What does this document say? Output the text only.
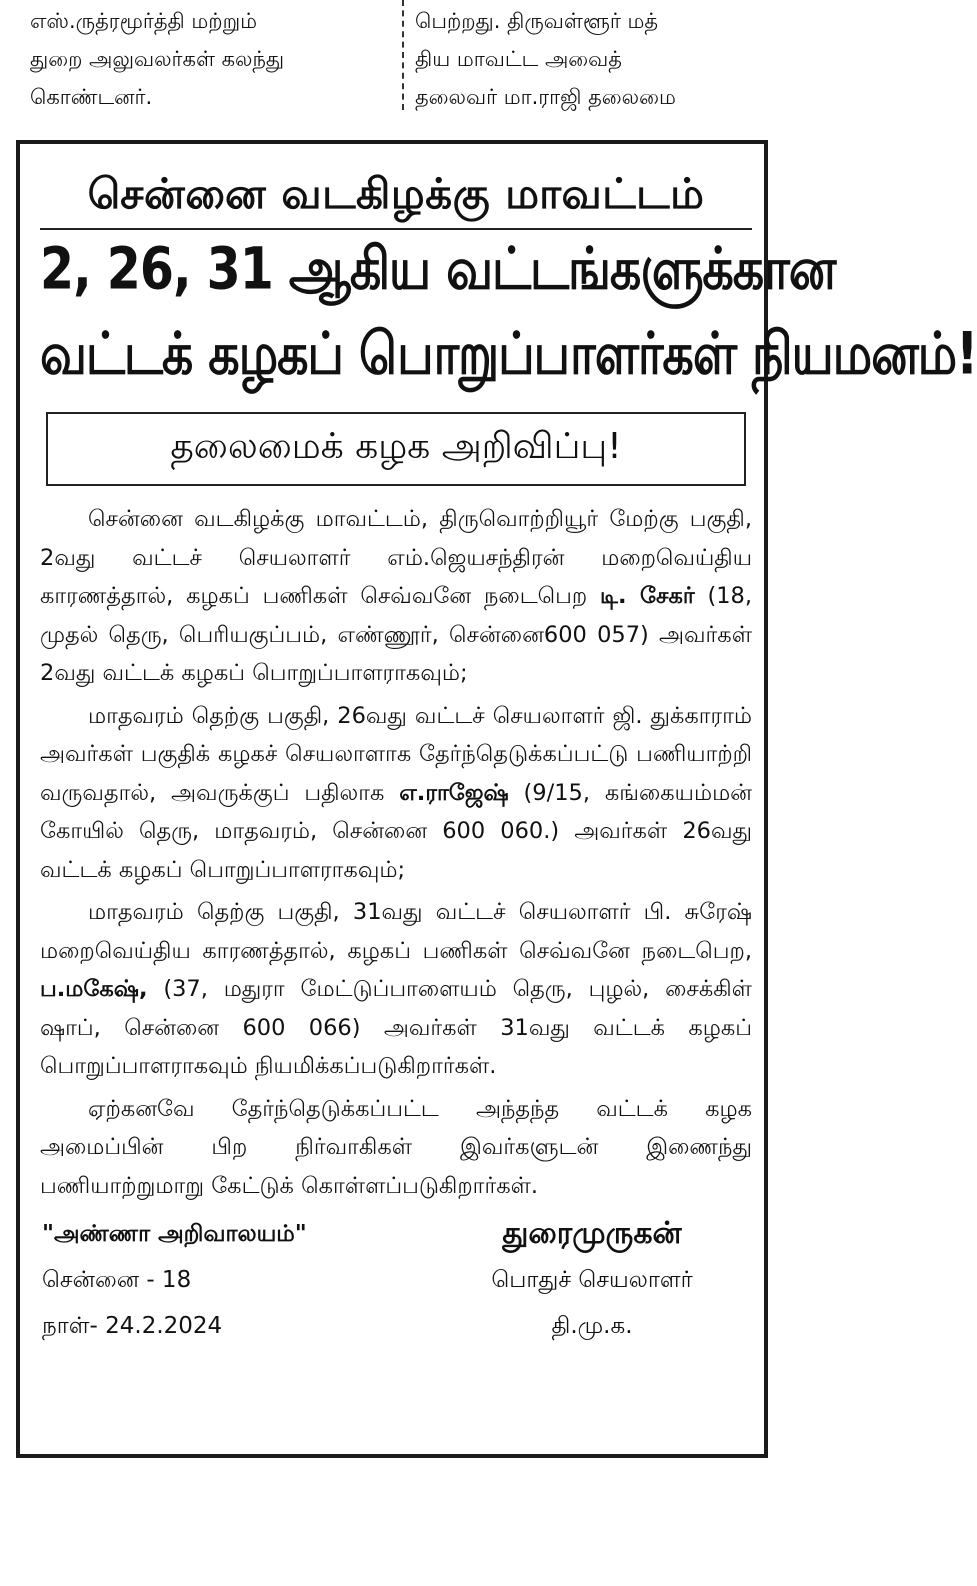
எஸ்.ருத்ரமூர்த்தி மற்றும்
துறை அலுவலர்கள் கலந்து
கொண்டனர்.
பெற்றது. திருவள்ளூர் மத்
திய மாவட்ட அவைத்
தலைவர் மா.ராஜி தலைமை
சென்னை வடகிழக்கு மாவட்டம்
2, 26, 31 ஆகிய வட்டங்களுக்கான
வட்டக் கழகப் பொறுப்பாளர்கள் நியமனம்!
தலைமைக் கழக அறிவிப்பு!

சென்னை வடகிழக்கு மாவட்டம், திருவொற்றியூர் மேற்கு பகுதி, 2வது வட்டச் செயலாளர் எம்.ஜெயசந்திரன் மறைவெய்திய காரணத்தால், கழகப் பணிகள் செவ்வனே நடைபெற டி. சேகர் (18, முதல் தெரு, பெரியகுப்பம், எண்ணூர், சென்னை600 057) அவர்கள் 2வது வட்டக் கழகப் பொறுப்பாளராகவும்;

மாதவரம் தெற்கு பகுதி, 26வது வட்டச் செயலாளர் ஜி. துக்காராம் அவர்கள் பகுதிக் கழகச் செயலாளாக தேர்ந்தெடுக்கப்பட்டு பணியாற்றி வருவதால், அவருக்குப் பதிலாக எ.ராஜேஷ் (9/15, கங்கையம்மன் கோயில் தெரு, மாதவரம், சென்னை 600 060.) அவர்கள் 26வது வட்டக் கழகப் பொறுப்பாளராகவும்;

மாதவரம் தெற்கு பகுதி, 31வது வட்டச் செயலாளர் பி. சுரேஷ் மறைவெய்திய காரணத்தால், கழகப் பணிகள் செவ்வனே நடைபெற, ப.மகேஷ், (37, மதுரா மேட்டுப்பாளையம் தெரு, புழல், சைக்கிள் ஷாப், சென்னை 600 066) அவர்கள் 31வது வட்டக் கழகப் பொறுப்பாளராகவும் நியமிக்கப்படுகிறார்கள்.

ஏற்கனவே தேர்ந்தெடுக்கப்பட்ட அந்தந்த வட்டக் கழக அமைப்பின் பிற நிர்வாகிகள் இவர்களுடன் இணைந்து பணியாற்றுமாறு கேட்டுக் கொள்ளப்படுகிறார்கள்.

"அண்ணா அறிவாலயம்"
சென்னை - 18
நாள்- 24.2.2024
துரைமுருகன்
பொதுச் செயலாளர்
தி.மு.க.
